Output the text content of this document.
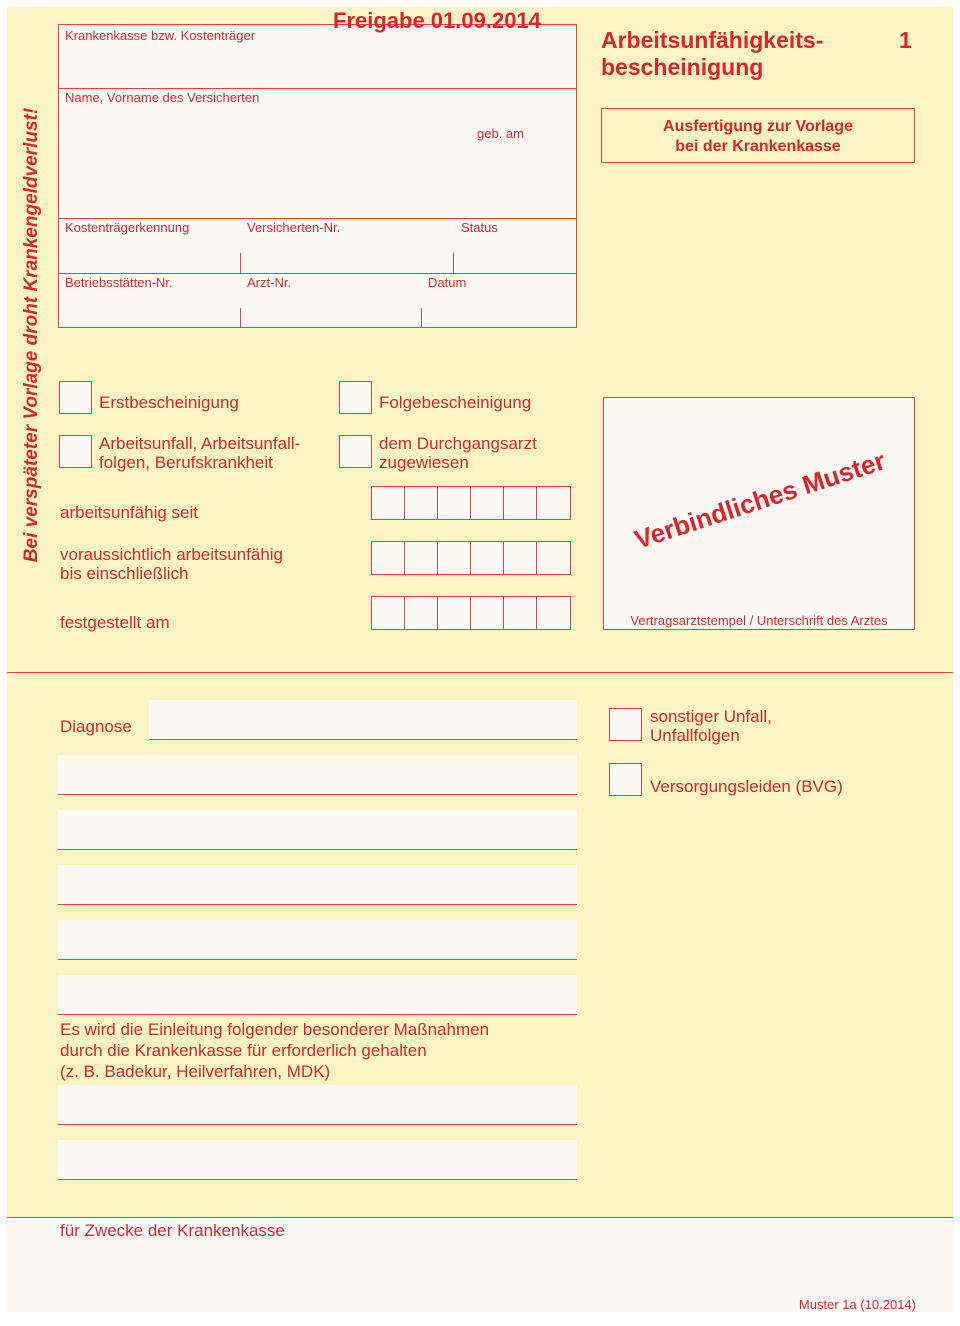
Bei verspäteter Vorlage droht Krankengeldverlust!
Krankenkasse bzw. Kostenträger
Freigabe 01.09.2014
Name, Vorname des Versicherten
geb. am
Kostenträgerkennung	Versicherten-Nr.	Status
Betriebsstätten-Nr.	Arzt-Nr.	Datum
Arbeitsunfähigkeits-
bescheinigung
1
Ausfertigung zur Vorlage
bei der Krankenkasse
Erstbescheinigung	Folgebescheinigung
Arbeitsunfall, Arbeitsunfall-
folgen, Berufskrankheit
dem Durchgangsarzt
zugewiesen
arbeitsunfähig seit
voraussichtlich arbeitsunfähig
bis einschließlich
festgestellt am
Verbindliches Muster
Vertragsarztstempel / Unterschrift des Arztes
Diagnose
sonstiger Unfall,
Unfallfolgen
Versorgungsleiden (BVG)
Es wird die Einleitung folgender besonderer Maßnahmen
durch die Krankenkasse für erforderlich gehalten
(z. B. Badekur, Heilverfahren, MDK)
für Zwecke der Krankenkasse
Muster 1a (10.2014)
